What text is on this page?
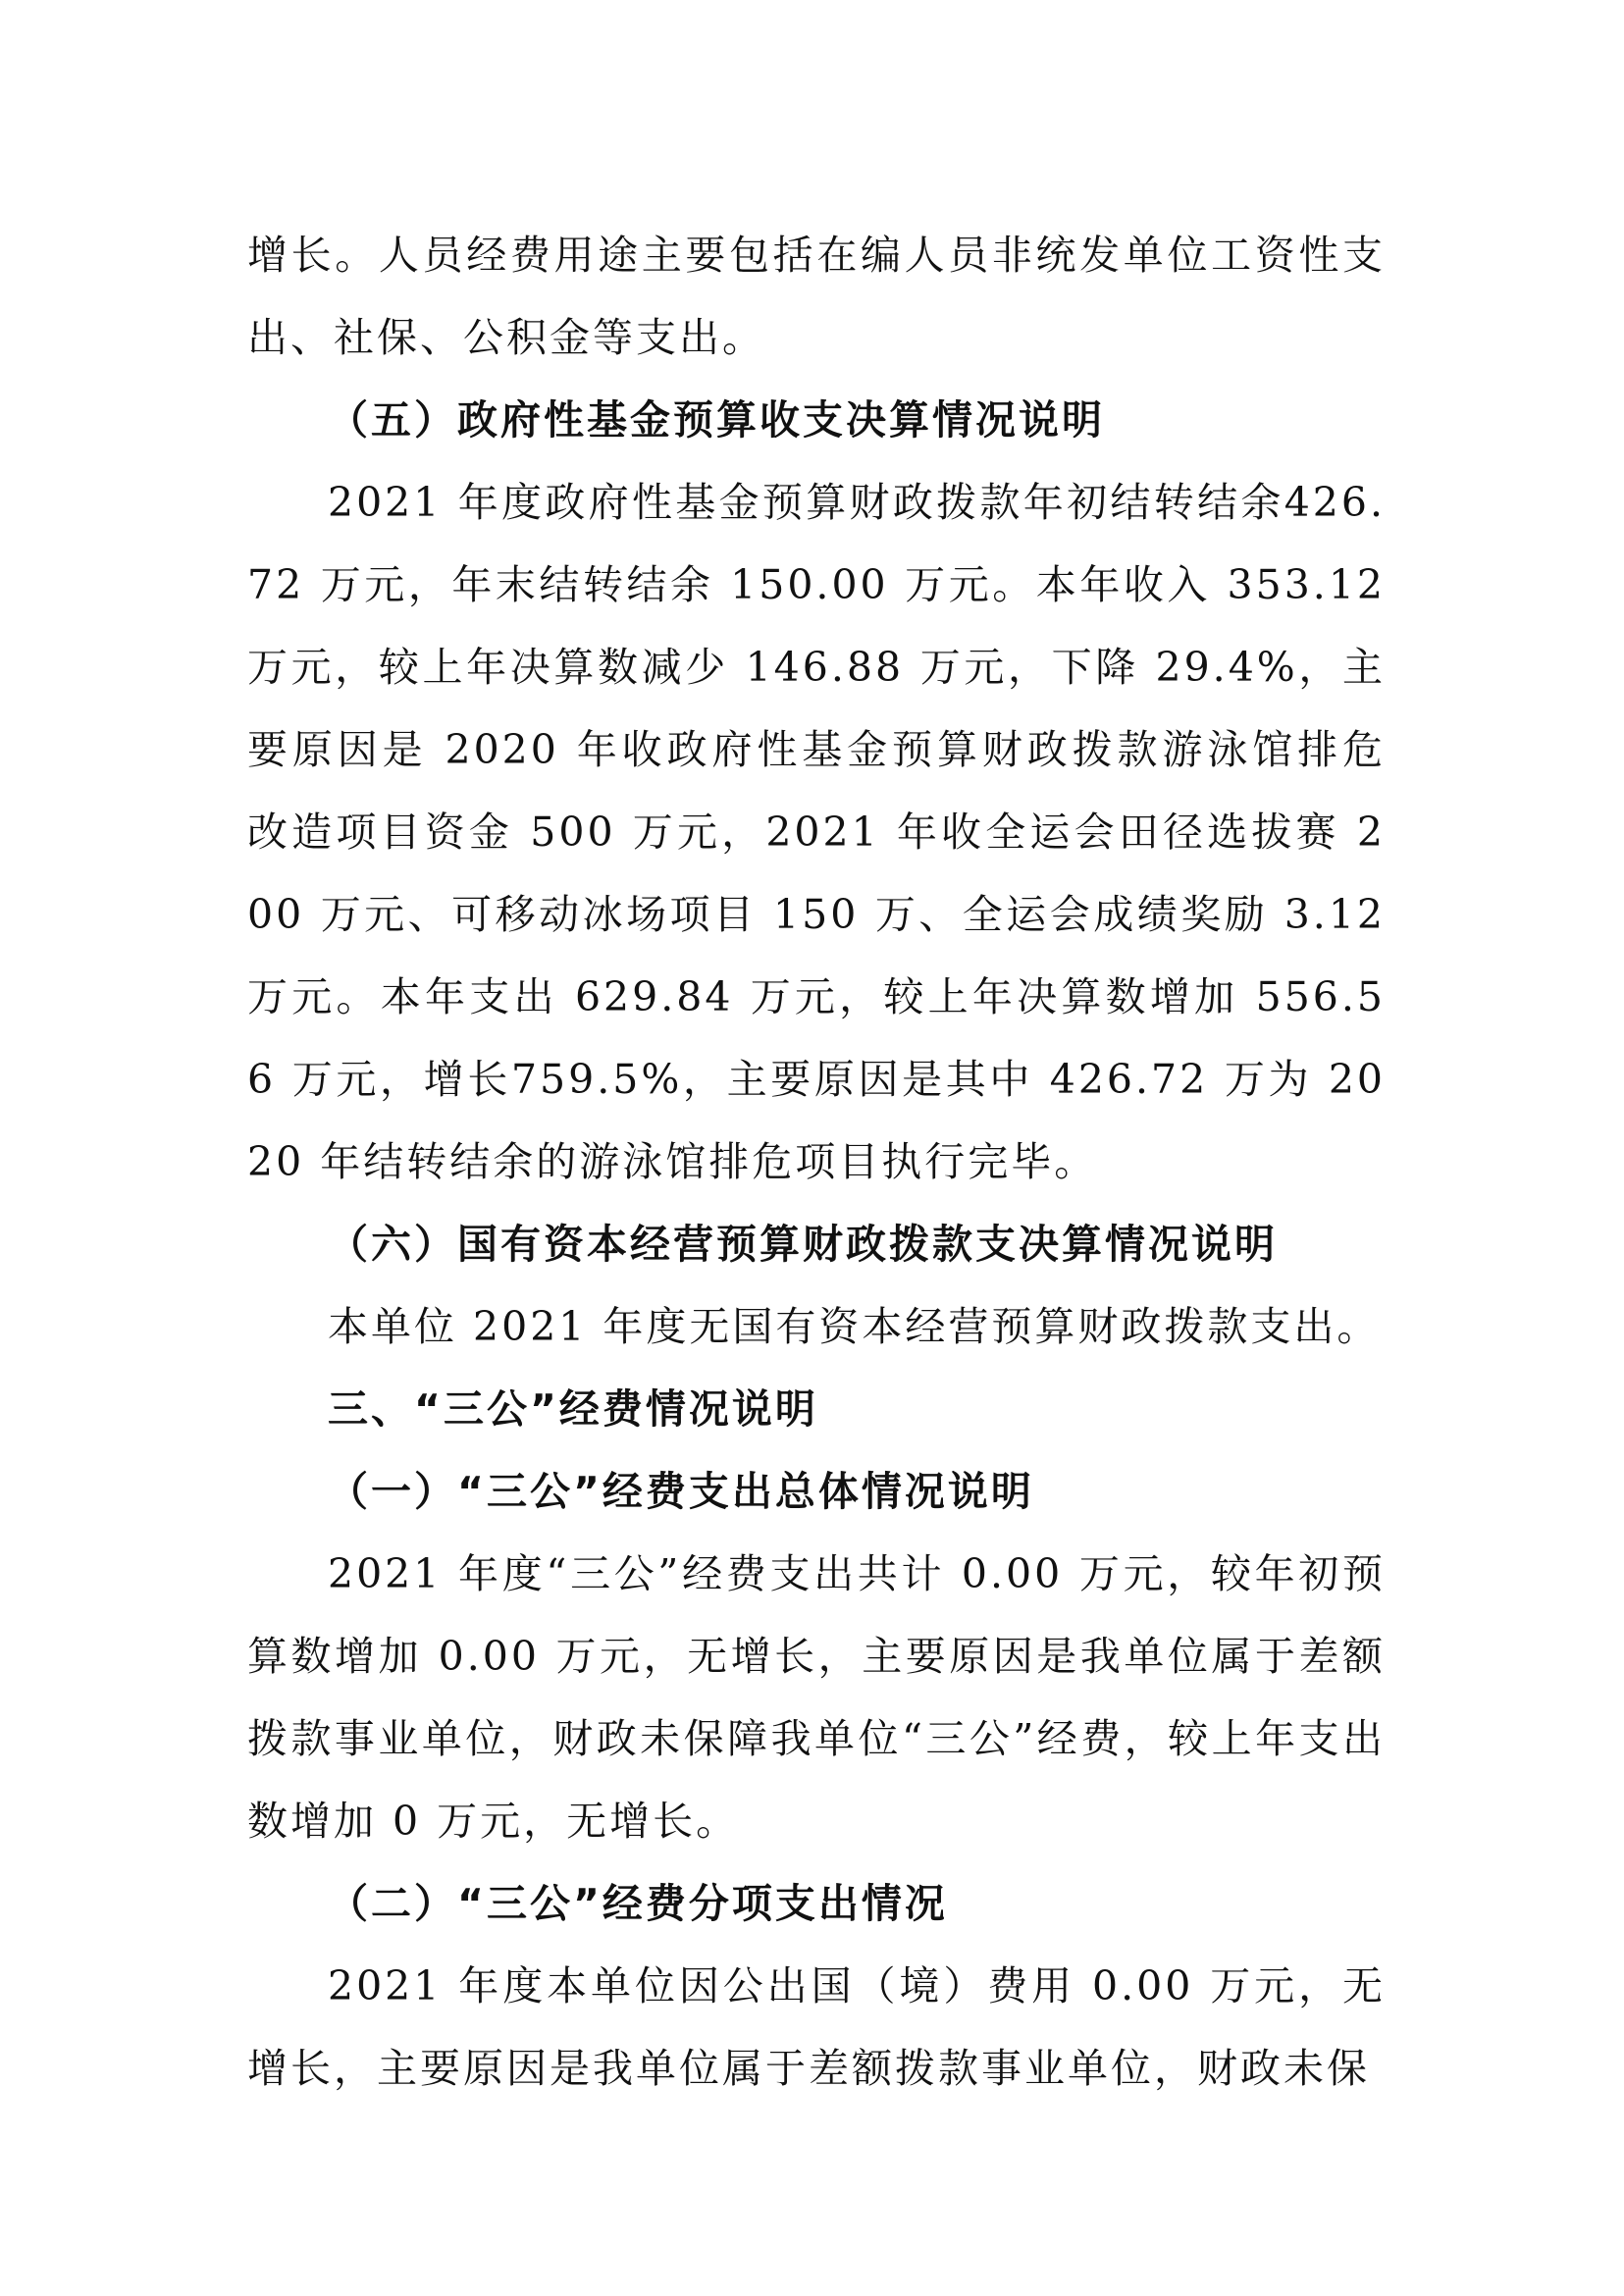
增长。人员经费用途主要包括在编人员非统发单位工资性支出、社保、公积金等支出。

（五）政府性基金预算收支决算情况说明

2021 年度政府性基金预算财政拨款年初结转结余426.72 万元，年末结转结余 150.00 万元。本年收入 353.12万元，较上年决算数减少 146.88 万元，下降 29.4%，主要原因是 2020 年收政府性基金预算财政拨款游泳馆排危改造项目资金 500 万元，2021 年收全运会田径选拔赛 200 万元、可移动冰场项目 150 万、全运会成绩奖励 3.12 万元。本年支出 629.84 万元，较上年决算数增加 556.56 万元，增长759.5%，主要原因是其中 426.72 万为 2020 年结转结余的游泳馆排危项目执行完毕。

（六）国有资本经营预算财政拨款支决算情况说明

本单位 2021 年度无国有资本经营预算财政拨款支出。

三、“三公”经费情况说明

（一）“三公”经费支出总体情况说明

2021 年度“三公”经费支出共计 0.00 万元，较年初预算数增加 0.00 万元，无增长，主要原因是我单位属于差额拨款事业单位，财政未保障我单位“三公”经费，较上年支出数增加 0 万元，无增长。

（二）“三公”经费分项支出情况

2021 年度本单位因公出国（境）费用 0.00 万元，无增长，主要原因是我单位属于差额拨款事业单位，财政未保
